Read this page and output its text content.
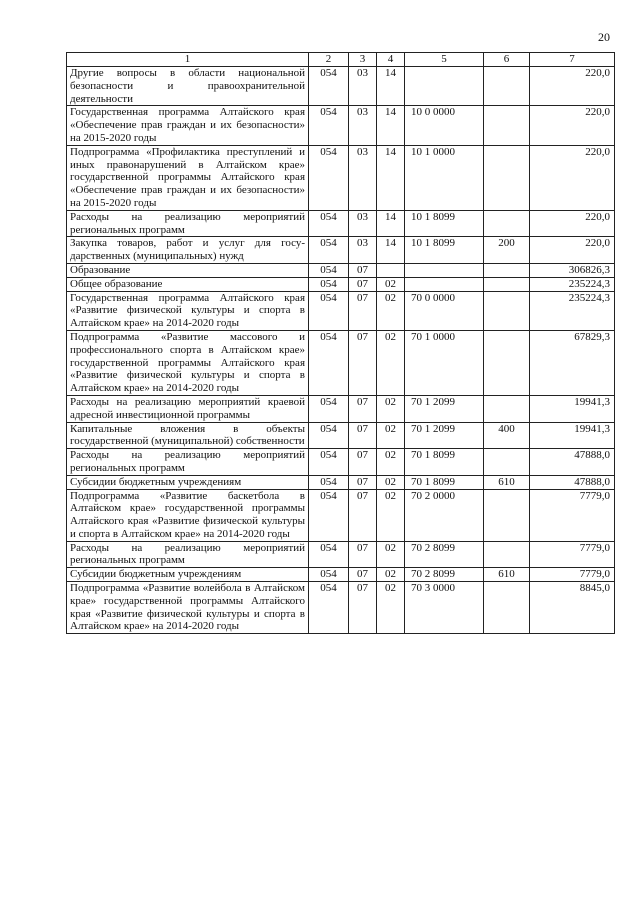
20
1	2	3	4	5	6	7
Другие вопросы в области национальной безопасности и правоохранительной деятельности	054	03	14			220,0
Государственная программа Алтайского края «Обеспечение прав граждан и их безопасности» на 2015-2020 годы	054	03	14	10 0 0000		220,0
Подпрограмма «Профилактика преступлений и иных правонарушений в Алтайском крае» государственной программы Алтайского края «Обеспечение прав граждан и их безопасности» на 2015-2020 годы	054	03	14	10 1 0000		220,0
Расходы на реализацию мероприятий региональных программ	054	03	14	10 1 8099		220,0
Закупка товаров, работ и услуг для государственных (муниципальных) нужд	054	03	14	10 1 8099	200	220,0
Образование	054	07				306826,3
Общее образование	054	07	02			235224,3
Государственная программа Алтайского края «Развитие физической культуры и спорта в Алтайском крае» на 2014-2020 годы	054	07	02	70 0 0000		235224,3
Подпрограмма «Развитие массового и профессионального спорта в Алтайском крае» государственной программы Алтайского края «Развитие физической культуры и спорта в Алтайском крае» на 2014-2020 годы	054	07	02	70 1 0000		67829,3
Расходы на реализацию мероприятий краевой адресной инвестиционной программы	054	07	02	70 1 2099		19941,3
Капитальные вложения в объекты государственной (муниципальной) собственности	054	07	02	70 1 2099	400	19941,3
Расходы на реализацию мероприятий региональных программ	054	07	02	70 1 8099		47888,0
Субсидии бюджетным учреждениям	054	07	02	70 1 8099	610	47888,0
Подпрограмма «Развитие баскетбола в Алтайском крае» государственной программы Алтайского края «Развитие физической культуры и спорта в Алтайском крае» на 2014-2020 годы	054	07	02	70 2 0000		7779,0
Расходы на реализацию мероприятий региональных программ	054	07	02	70 2 8099		7779,0
Субсидии бюджетным учреждениям	054	07	02	70 2 8099	610	7779,0
Подпрограмма «Развитие волейбола в Алтайском крае» государственной программы Алтайского края «Развитие физической культуры и спорта в Алтайском крае» на 2014-2020 годы	054	07	02	70 3 0000		8845,0
